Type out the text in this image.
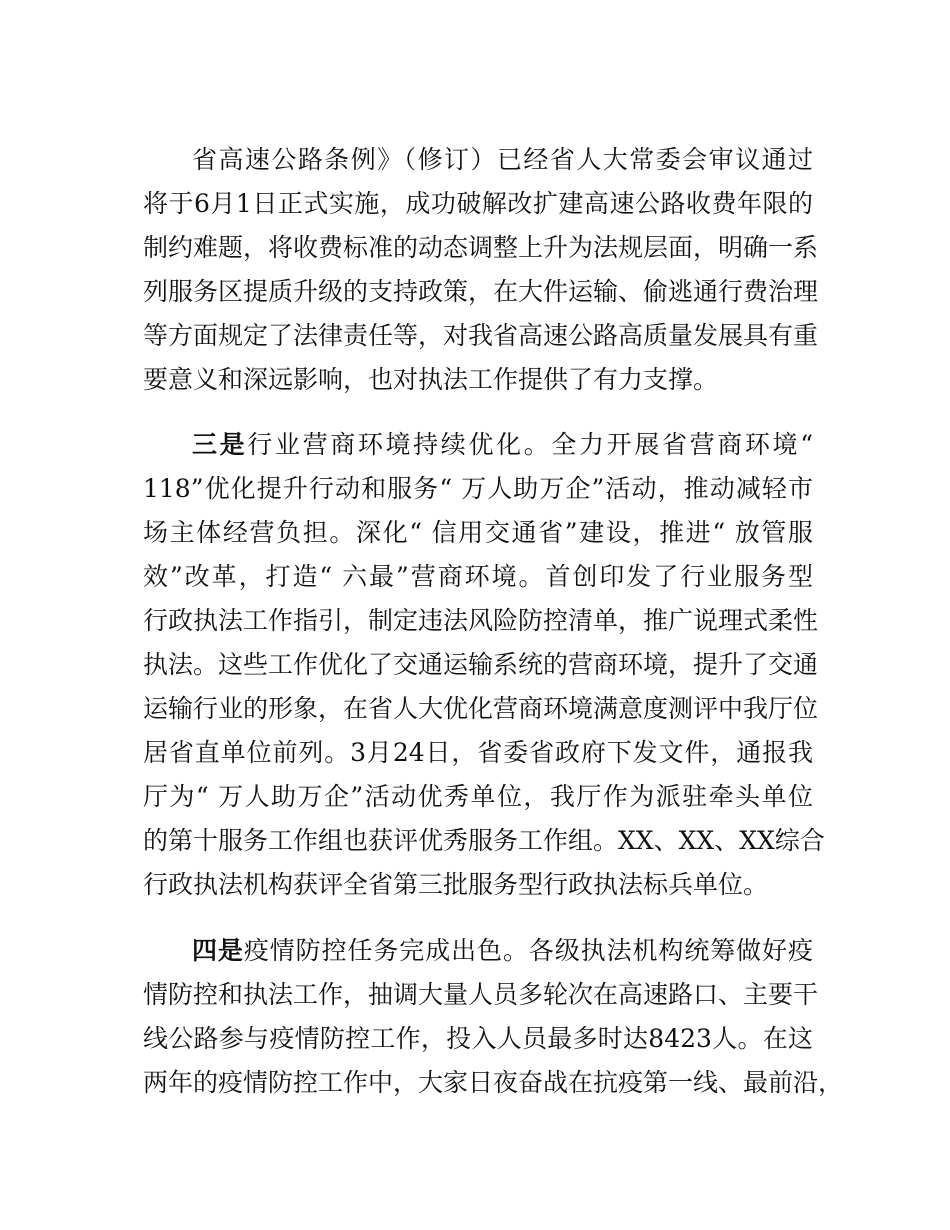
省高速公路条例》（修订）已经省人大常委会审议通过
将于6月1日正式实施，成功破解改扩建高速公路收费年限的
制约难题，将收费标准的动态调整上升为法规层面，明确一系
列服务区提质升级的支持政策，在大件运输、偷逃通行费治理
等方面规定了法律责任等，对我省高速公路高质量发展具有重
要意义和深远影响，也对执法工作提供了有力支撑。
三是行业营商环境持续优化。全力开展省营商环境“
118”优化提升行动和服务“ 万人助万企”活动，推动减轻市
场主体经营负担。深化“ 信用交通省”建设，推进“ 放管服
效”改革，打造“ 六最”营商环境。首创印发了行业服务型
行政执法工作指引，制定违法风险防控清单，推广说理式柔性
执法。这些工作优化了交通运输系统的营商环境，提升了交通
运输行业的形象，在省人大优化营商环境满意度测评中我厅位
居省直单位前列。3月24日，省委省政府下发文件，通报我
厅为“ 万人助万企”活动优秀单位，我厅作为派驻牵头单位
的第十服务工作组也获评优秀服务工作组。XX、XX、XX综合
行政执法机构获评全省第三批服务型行政执法标兵单位。
四是疫情防控任务完成出色。各级执法机构统筹做好疫
情防控和执法工作，抽调大量人员多轮次在高速路口、主要干
线公路参与疫情防控工作，投入人员最多时达8423人。在这
两年的疫情防控工作中，大家日夜奋战在抗疫第一线、最前沿，
